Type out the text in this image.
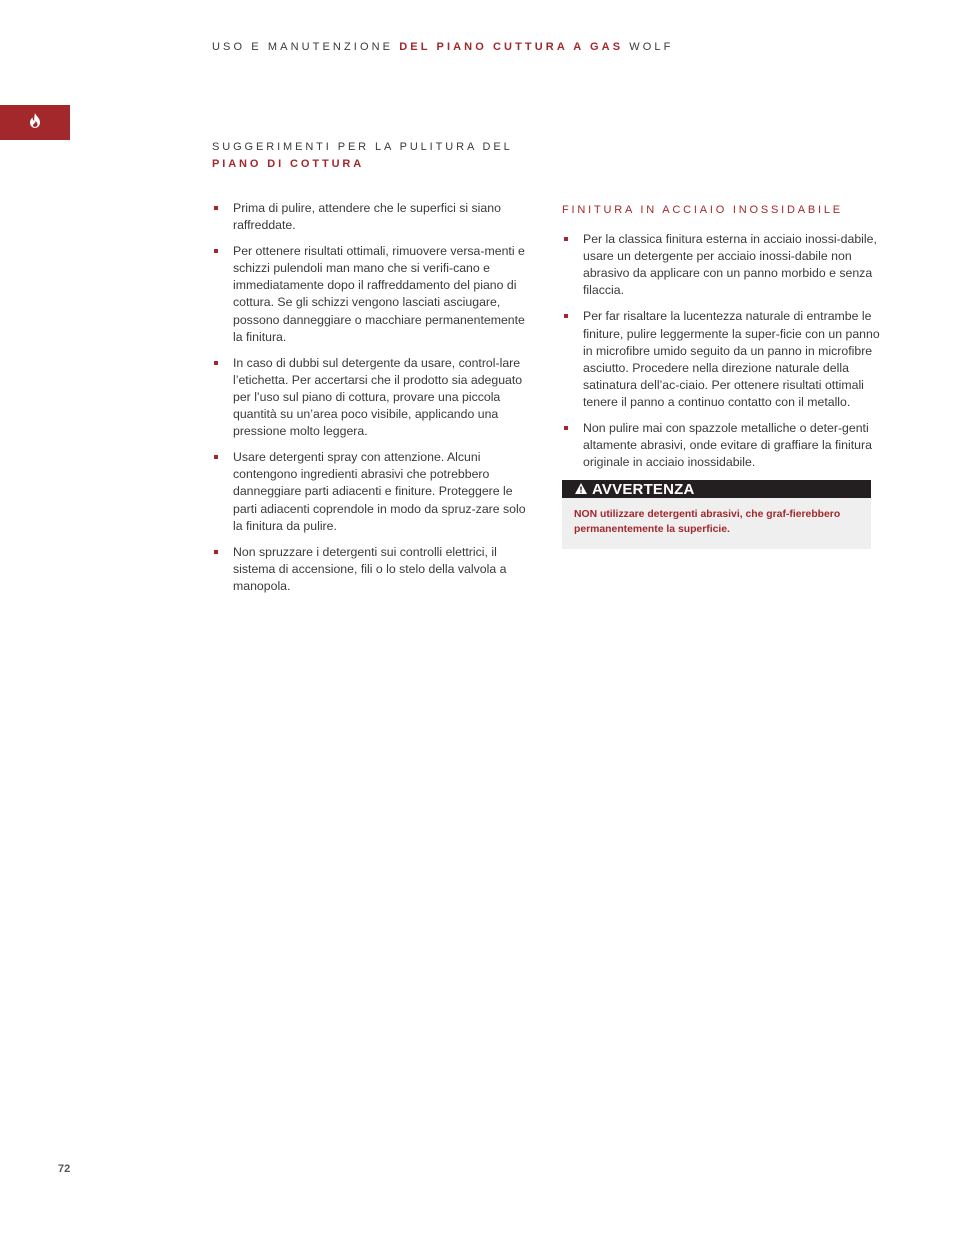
USO E MANUTENZIONE DEL PIANO CUTTURA A GAS WOLF
SUGGERIMENTI PER LA PULITURA DEL
PIANO DI COTTURA
Prima di pulire, attendere che le superfici si siano raffreddate.
Per ottenere risultati ottimali, rimuovere versa-menti e schizzi pulendoli man mano che si verifi-cano e immediatamente dopo il raffreddamento del piano di cottura. Se gli schizzi vengono lasciati asciugare, possono danneggiare o macchiare permanentemente la finitura.
In caso di dubbi sul detergente da usare, control-lare l’etichetta. Per accertarsi che il prodotto sia adeguato per l’uso sul piano di cottura, provare una piccola quantità su un’area poco visibile, applicando una pressione molto leggera.
Usare detergenti spray con attenzione. Alcuni contengono ingredienti abrasivi che potrebbero danneggiare parti adiacenti e finiture. Proteggere le parti adiacenti coprendole in modo da spruz-zare solo la finitura da pulire.
Non spruzzare i detergenti sui controlli elettrici, il sistema di accensione, fili o lo stelo della valvola a manopola.
FINITURA IN ACCIAIO INOSSIDABILE
Per la classica finitura esterna in acciaio inossi-dabile, usare un detergente per acciaio inossi-dabile non abrasivo da applicare con un panno morbido e senza filaccia.
Per far risaltare la lucentezza naturale di entrambe le finiture, pulire leggermente la super-ficie con un panno in microfibre umido seguito da un panno in microfibre asciutto. Procedere nella direzione naturale della satinatura dell’ac-ciaio. Per ottenere risultati ottimali tenere il panno a continuo contatto con il metallo.
Non pulire mai con spazzole metalliche o deter-genti altamente abrasivi, onde evitare di graffiare la finitura originale in acciaio inossidabile.
AVVERTENZA
NON utilizzare detergenti abrasivi, che graf-fierebbero permanentemente la superficie.
72
